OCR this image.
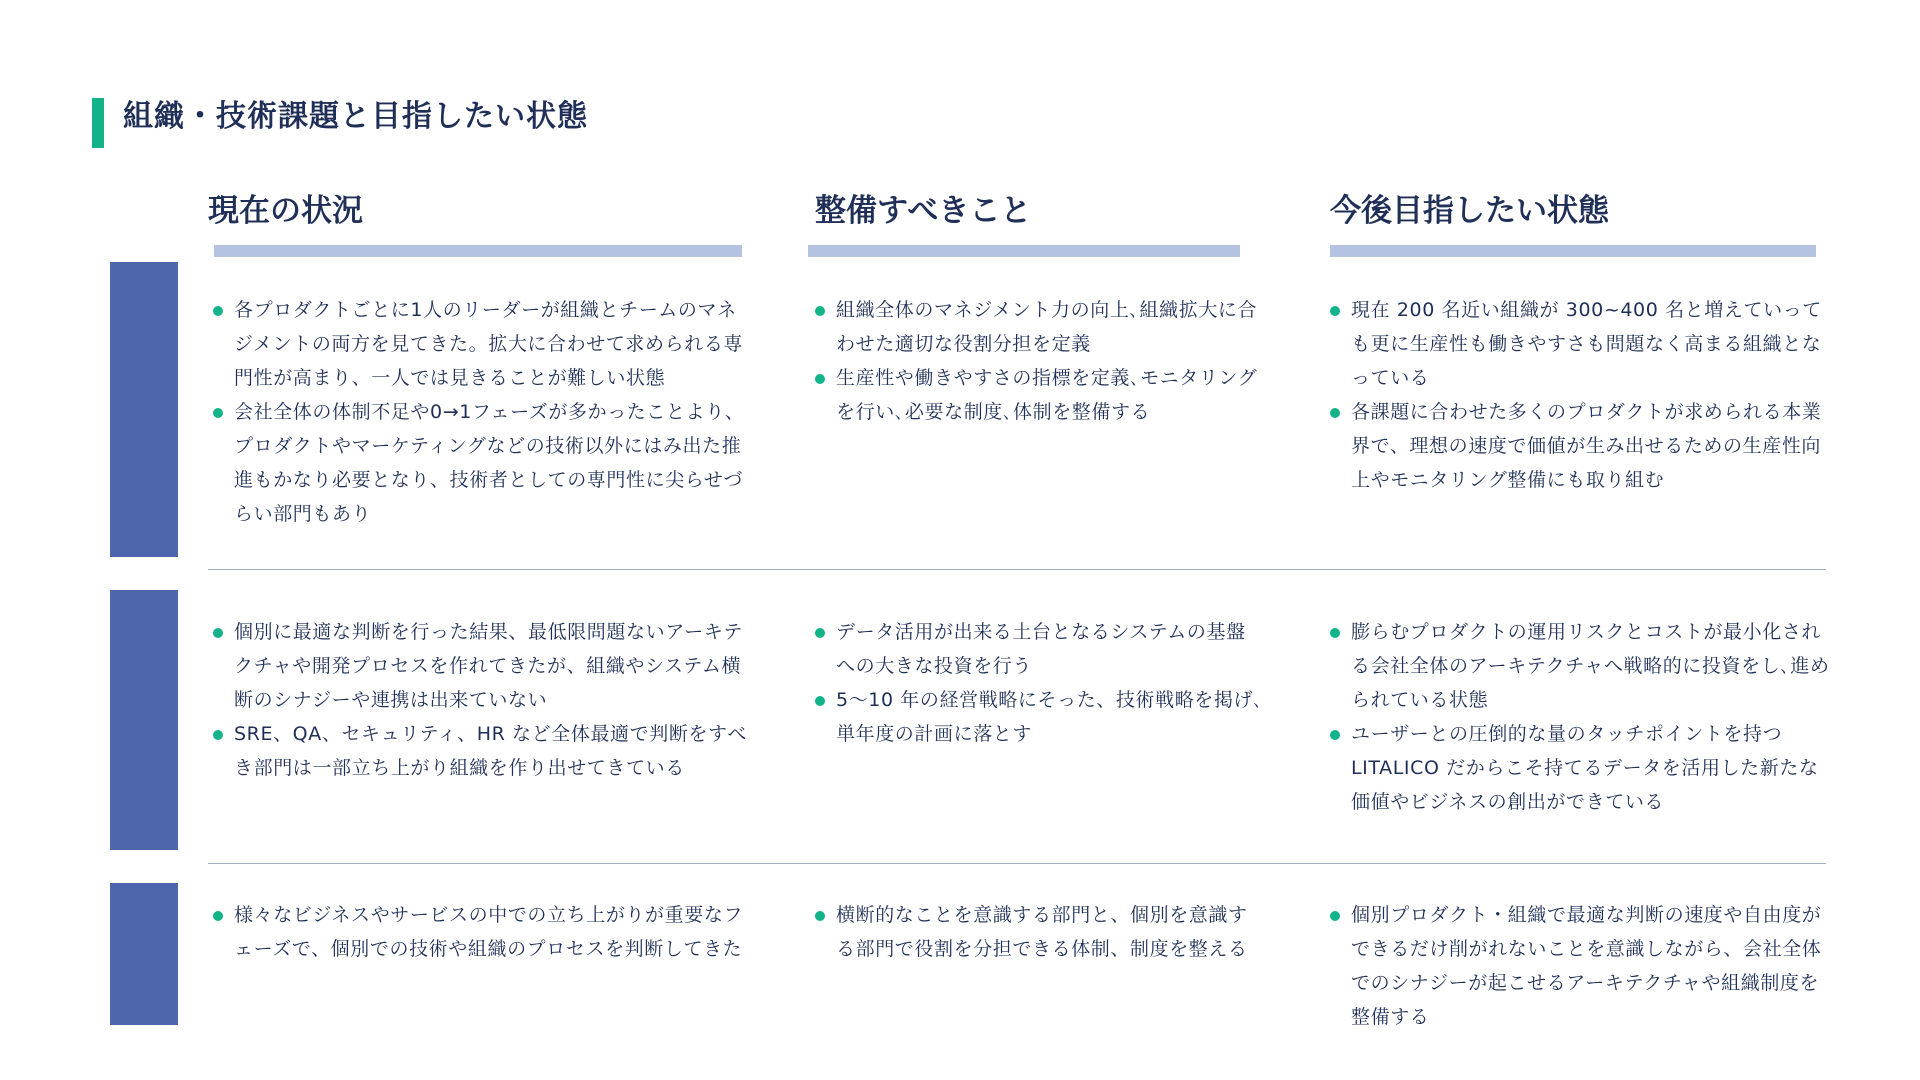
組織・技術課題と目指したい状態
現在の状況	整備すべきこと	今後目指したい状態
各プロダクトごとに1人のリーダーが組織とチームのマネジメントの両方を見てきた。拡大に合わせて求められる専門性が高まり、一人では見きることが難しい状態
会社全体の体制不足や0→1フェーズが多かったことより、プロダクトやマーケティングなどの技術以外にはみ出た推進もかなり必要となり、技術者としての専門性に尖らせづらい部門もあり
組織全体のマネジメント力の向上､組織拡大に合わせた適切な役割分担を定義
生産性や働きやすさの指標を定義､モニタリングを行い､必要な制度､体制を整備する
現在 200 名近い組織が 300~400 名と増えていっても更に生産性も働きやすさも問題なく高まる組織となっている
各課題に合わせた多くのプロダクトが求められる本業界で、理想の速度で価値が生み出せるための生産性向上やモニタリング整備にも取り組む
個別に最適な判断を行った結果、最低限問題ないアーキテクチャや開発プロセスを作れてきたが、組織やシステム横断のシナジーや連携は出来ていない
SRE、QA、セキュリティ、HR など全体最適で判断をすべき部門は一部立ち上がり組織を作り出せてきている
データ活用が出来る土台となるシステムの基盤への大きな投資を行う
5〜10 年の経営戦略にそった、技術戦略を掲げ､単年度の計画に落とす
膨らむプロダクトの運用リスクとコストが最小化される会社全体のアーキテクチャへ戦略的に投資をし､進められている状態
ユーザーとの圧倒的な量のタッチポイントを持つ LITALICO だからこそ持てるデータを活用した新たな価値やビジネスの創出ができている
様々なビジネスやサービスの中での立ち上がりが重要なフェーズで、個別での技術や組織のプロセスを判断してきた
横断的なことを意識する部門と、個別を意識する部門で役割を分担できる体制、制度を整える
個別プロダクト・組織で最適な判断の速度や自由度ができるだけ削がれないことを意識しながら、会社全体でのシナジーが起こせるアーキテクチャや組織制度を整備する
